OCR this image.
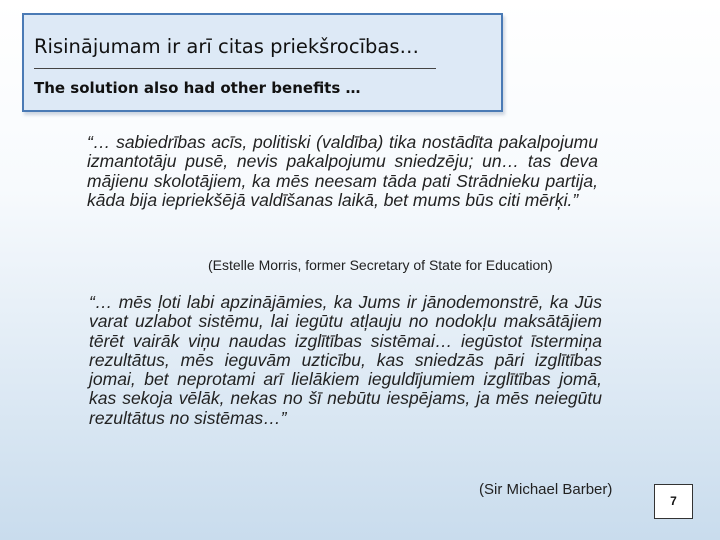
Risinājumam ir arī citas priekšrocības…
The solution also had other benefits …
“… sabiedrības acīs, politiski (valdība) tika nostādīta pakalpojumu izmantotāju pusē, nevis pakalpojumu sniedzēju; un… tas deva mājienu skolotājiem, ka mēs neesam tāda pati Strādnieku partija, kāda bija iepriekšējā valdīšanas laikā, bet mums būs citi mērķi.”
(Estelle Morris, former Secretary of State for Education)
“… mēs ļoti labi apzinājāmies, ka Jums ir jānodemonstrē, ka Jūs varat uzlabot sistēmu, lai iegūtu atļauju no nodokļu maksātājiem tērēt vairāk viņu naudas izglītības sistēmai… iegūstot īstermiņa rezultātus, mēs ieguvām uzticību, kas sniedzās pāri izglītības jomai, bet neprotami arī lielākiem ieguldījumiem izglītības jomā, kas sekoja vēlāk, nekas no šī nebūtu iespējams, ja mēs neiegūtu rezultātus no sistēmas…”
(Sir Michael Barber)
7
